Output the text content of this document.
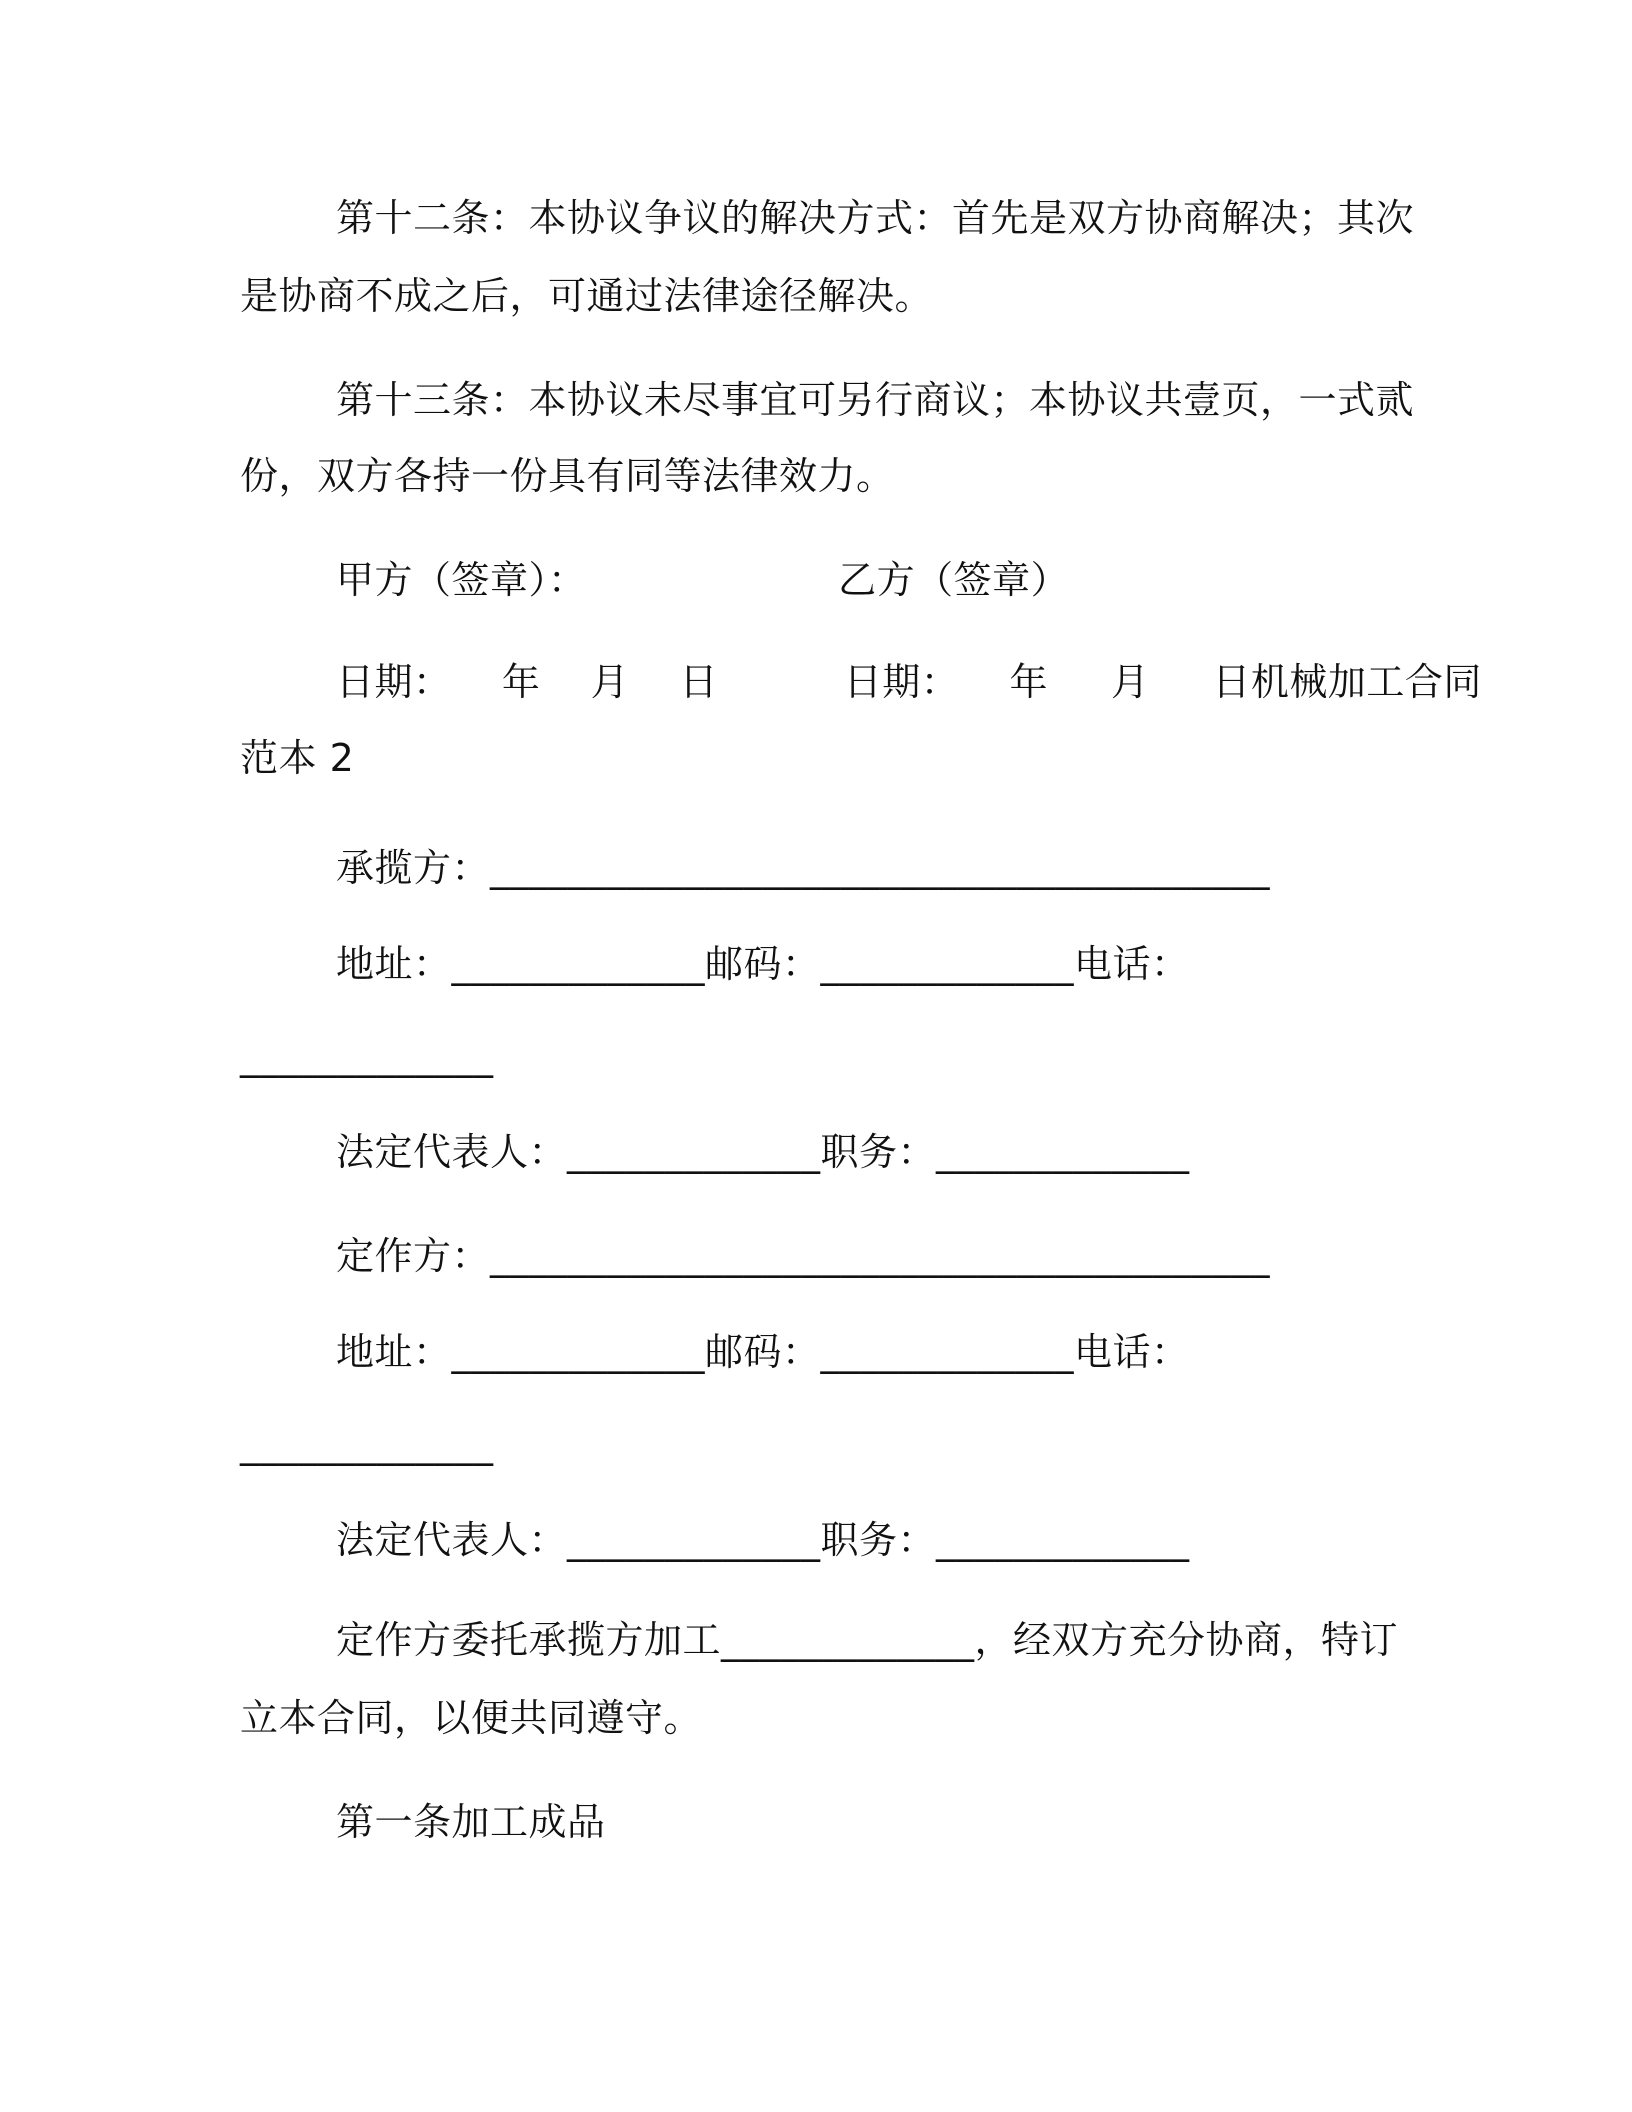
第十二条：本协议争议的解决方式：首先是双方协商解决；其次
是协商不成之后，可通过法律途径解决。
第十三条：本协议未尽事宜可另行商议；本协议共壹页，一式贰
份，双方各持一份具有同等法律效力。
甲方（签章）：                    乙方（签章）
日期：    年    月    日          日期：    年     月     日机械加工合同
范本 2
承揽方：________________________________________
地址：_____________邮码：_____________电话：
_____________
法定代表人：_____________职务：_____________
定作方：________________________________________
地址：_____________邮码：_____________电话：
_____________
法定代表人：_____________职务：_____________
定作方委托承揽方加工_____________，经双方充分协商，特订
立本合同，以便共同遵守。
第一条加工成品
